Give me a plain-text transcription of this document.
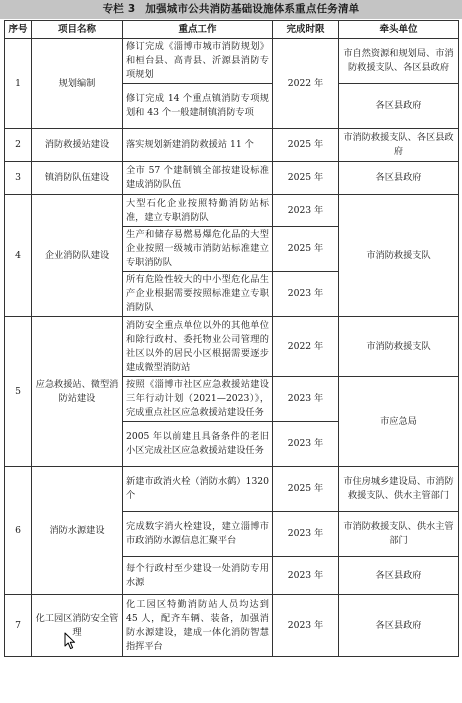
专栏 3 加强城市公共消防基础设施体系重点任务清单
序号	项目名称	重点工作	完成时限	牵头单位
1	规划编制	修订完成《淄博市城市消防规划》和桓台县、高青县、沂源县消防专项规划	2022 年	市自然资源和规划局、市消防救援支队、各区县政府
		修订完成 14 个重点镇消防专项规划和 43 个一般建制镇消防专项		各区县政府
2	消防救援站建设	落实规划新建消防救援站 11 个	2025 年	市消防救援支队、各区县政府
3	镇消防队伍建设	全市 57 个建制镇全部按建设标准建成消防队伍	2025 年	各区县政府
4	企业消防队建设	大型石化企业按照特勤消防站标准，建立专职消防队	2023 年	市消防救援支队
		生产和储存易燃易爆危化品的大型企业按照一级城市消防站标准建立专职消防队	2025 年	
		所有危险性较大的中小型危化品生产企业根据需要按照标准建立专职消防队	2023 年	
5	应急救援站、微型消防站建设	消防安全重点单位以外的其他单位和除行政村、委托物业公司管理的社区以外的居民小区根据需要逐步建成微型消防站	2022 年	市消防救援支队
		按照《淄博市社区应急救援站建设三年行动计划（2021—2023）》，完成重点社区应急救援站建设任务	2023 年	市应急局
		2005 年以前建且具备条件的老旧小区完成社区应急救援站建设任务	2023 年	
6	消防水源建设	新建市政消火栓（消防水鹤）1320 个	2025 年	市住房城乡建设局、市消防救援支队、供水主管部门
		完成数字消火栓建设，建立淄博市市政消防水源信息汇聚平台	2023 年	市消防救援支队、供水主管部门
		每个行政村至少建设一处消防专用水源	2023 年	各区县政府
7	化工园区消防安全管理	化工园区特勤消防站人员均达到 45 人，配齐车辆、装备，加强消防水源建设，建成一体化消防智慧指挥平台	2023 年	各区县政府
